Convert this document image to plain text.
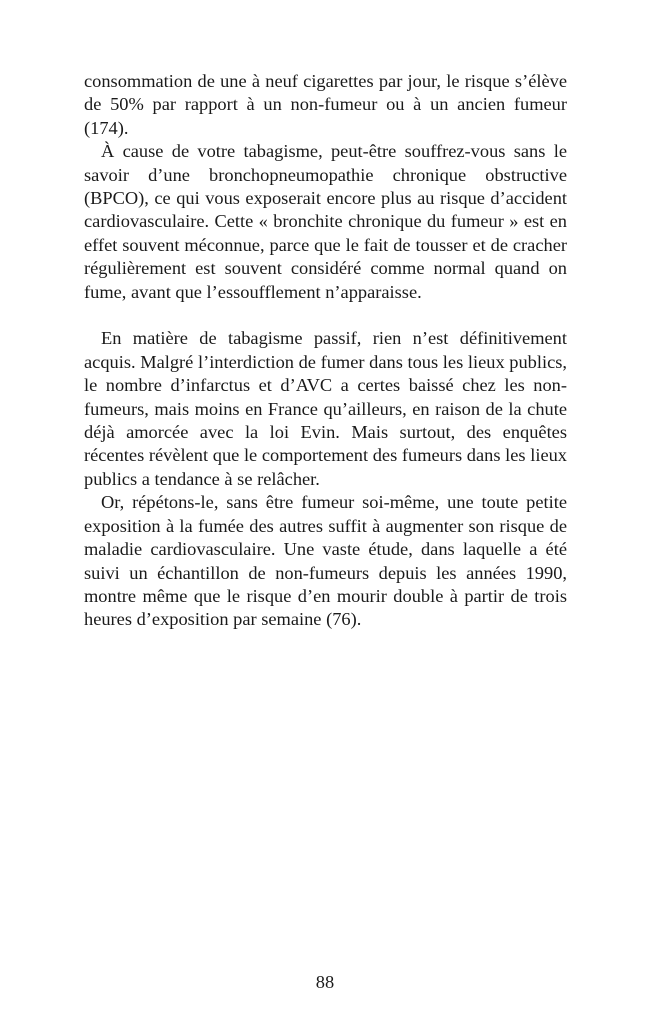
consommation de une à neuf cigarettes par jour, le risque s’élève de 50% par rapport à un non-fumeur ou à un ancien fumeur (174).

À cause de votre tabagisme, peut-être souffrez-vous sans le savoir d’une bronchopneumopathie chronique obstructive (BPCO), ce qui vous exposerait encore plus au risque d’accident cardiovasculaire. Cette « bronchite chronique du fumeur » est en effet souvent méconnue, parce que le fait de tousser et de cracher régulièrement est souvent considéré comme normal quand on fume, avant que l’essoufflement n’apparaisse.

En matière de tabagisme passif, rien n’est définitivement acquis. Malgré l’interdiction de fumer dans tous les lieux publics, le nombre d’infarctus et d’AVC a certes baissé chez les non-fumeurs, mais moins en France qu’ailleurs, en raison de la chute déjà amorcée avec la loi Evin. Mais surtout, des enquêtes récentes révèlent que le comportement des fumeurs dans les lieux publics a tendance à se relâcher.

Or, répétons-le, sans être fumeur soi-même, une toute petite exposition à la fumée des autres suffit à augmenter son risque de maladie cardiovasculaire. Une vaste étude, dans laquelle a été suivi un échantillon de non-fumeurs depuis les années 1990, montre même que le risque d’en mourir double à partir de trois heures d’exposition par semaine (76).

88
